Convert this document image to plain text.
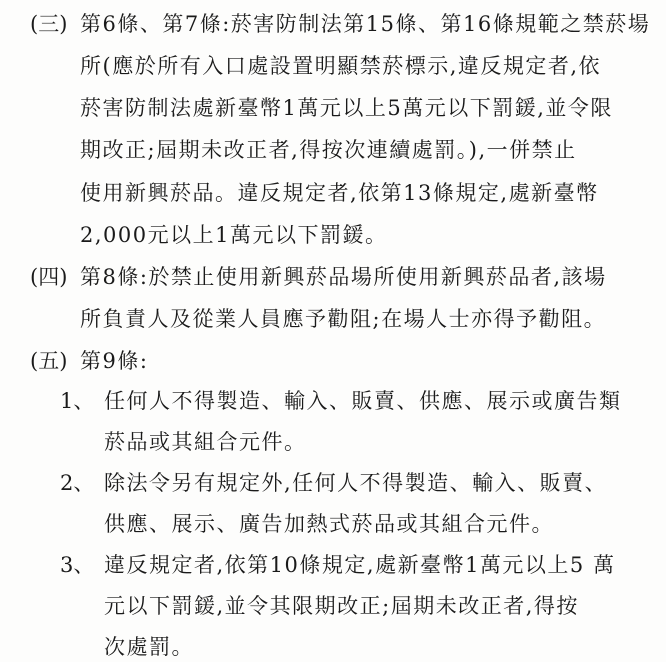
(三) 第6條、第7條:菸害防制法第15條、第16條規範之禁菸場
所(應於所有入口處設置明顯禁菸標示,違反規定者,依
菸害防制法處新臺幣1萬元以上5萬元以下罰鍰,並令限
期改正;屆期未改正者,得按次連續處罰。),一併禁止
使用新興菸品。違反規定者,依第13條規定,處新臺幣
2,000元以上1萬元以下罰鍰。
(四) 第8條:於禁止使用新興菸品場所使用新興菸品者,該場
所負責人及從業人員應予勸阻;在場人士亦得予勸阻。
(五) 第9條:
1、 任何人不得製造、輸入、販賣、供應、展示或廣告類
菸品或其組合元件。
2、 除法令另有規定外,任何人不得製造、輸入、販賣、
供應、展示、廣告加熱式菸品或其組合元件。
3、 違反規定者,依第10條規定,處新臺幣1萬元以上5 萬
元以下罰鍰,並令其限期改正;屆期未改正者,得按
次處罰。
